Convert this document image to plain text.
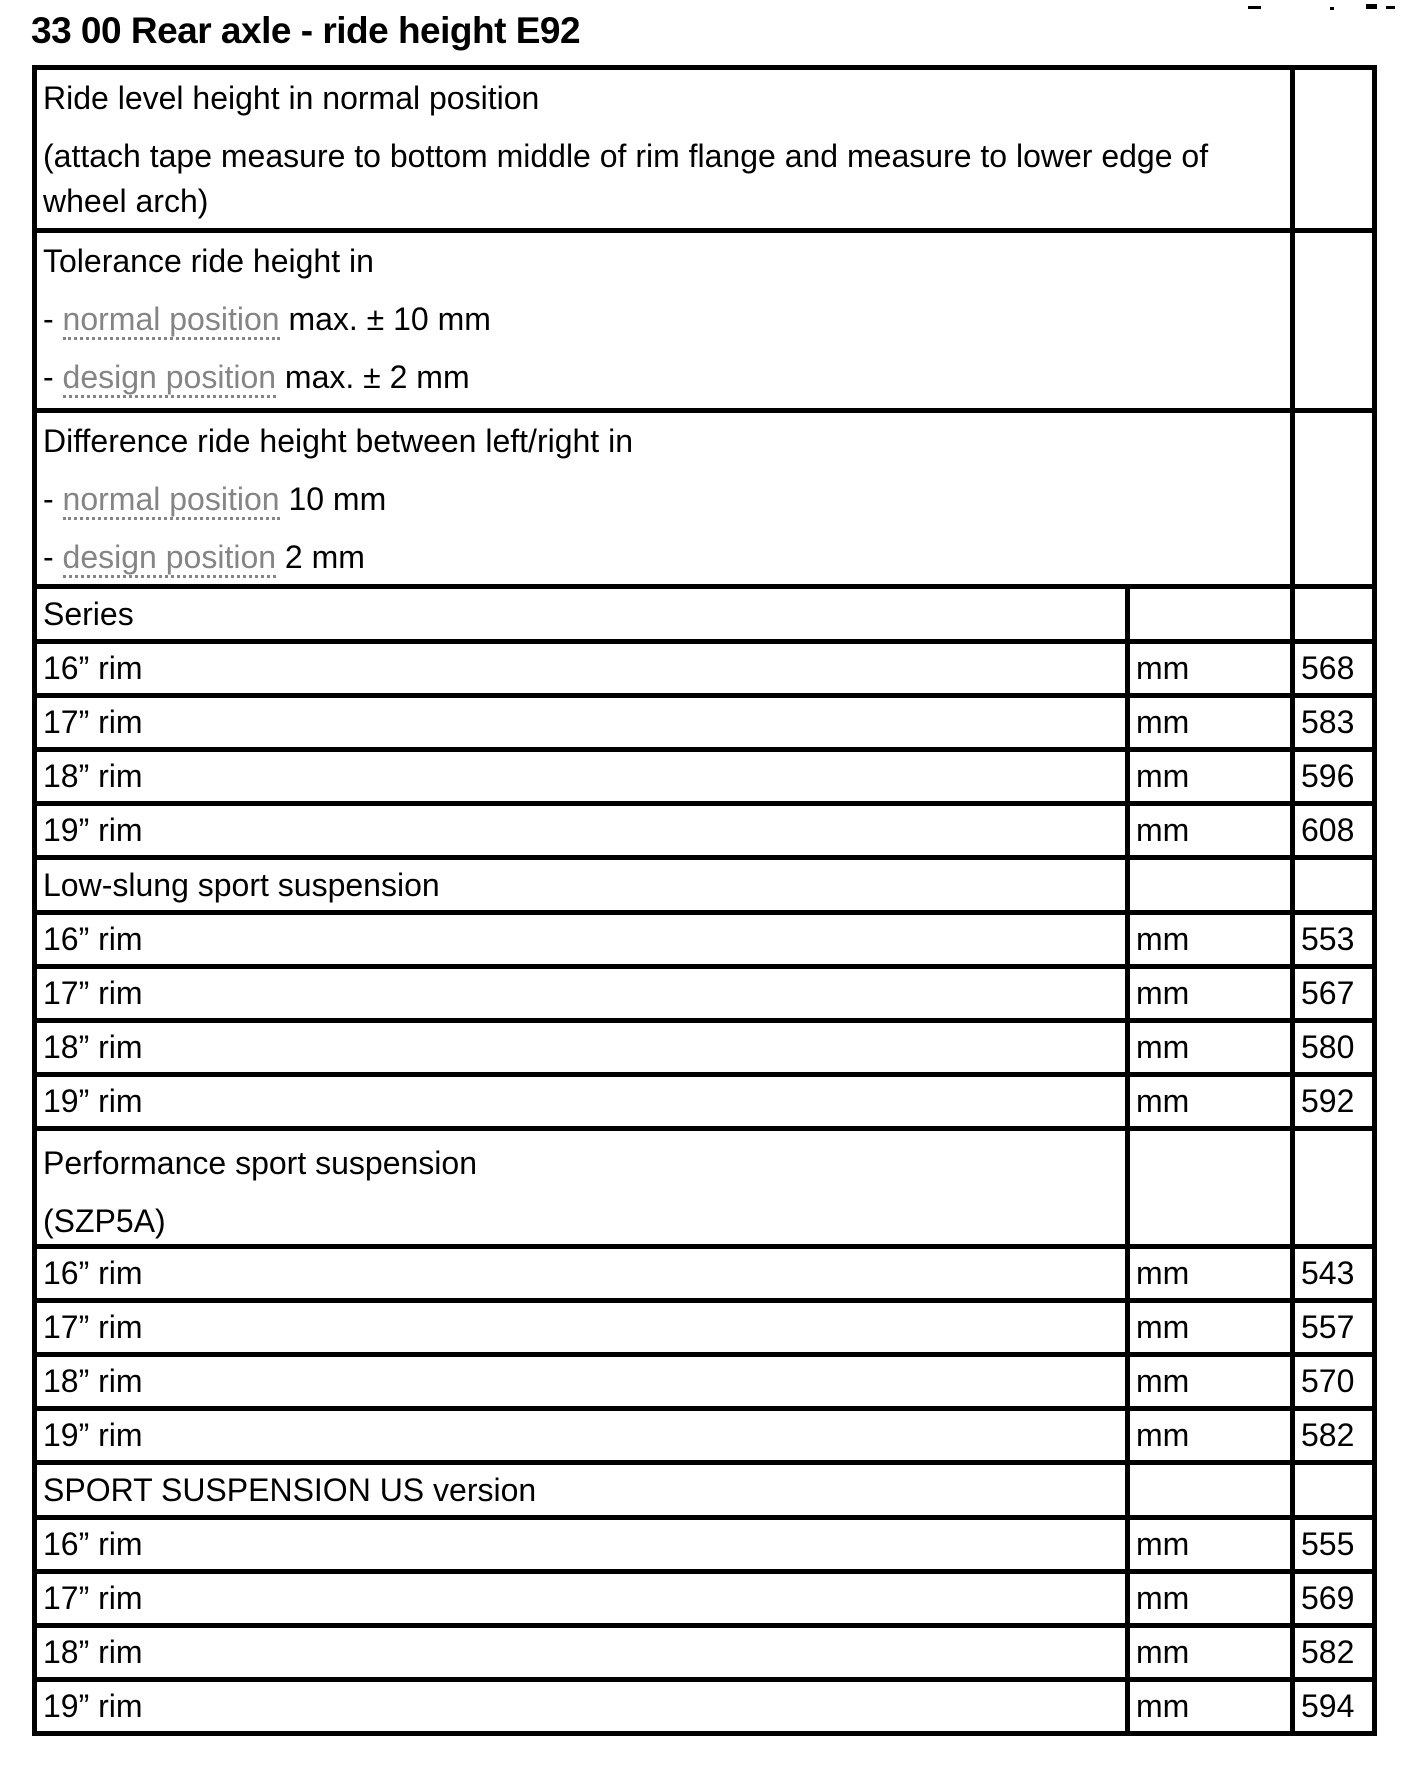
33 00 Rear axle - ride height E92

Ride level height in normal position

(attach tape measure to bottom middle of rim flange and measure to lower edge of wheel arch)		

Tolerance ride height in

- normal position max. ± 10 mm

- design position max. ± 2 mm		

Difference ride height between left/right in

- normal position 10 mm

- design position 2 mm		

Series		

16” rim	mm	568
17” rim	mm	583
18” rim	mm	596
19” rim	mm	608

Low-slung sport suspension		

16” rim	mm	553
17” rim	mm	567
18” rim	mm	580
19” rim	mm	592

Performance sport suspension

(SZP5A)		

16” rim	mm	543
17” rim	mm	557
18” rim	mm	570
19” rim	mm	582

SPORT SUSPENSION US version		

16” rim	mm	555
17” rim	mm	569
18” rim	mm	582
19” rim	mm	594
